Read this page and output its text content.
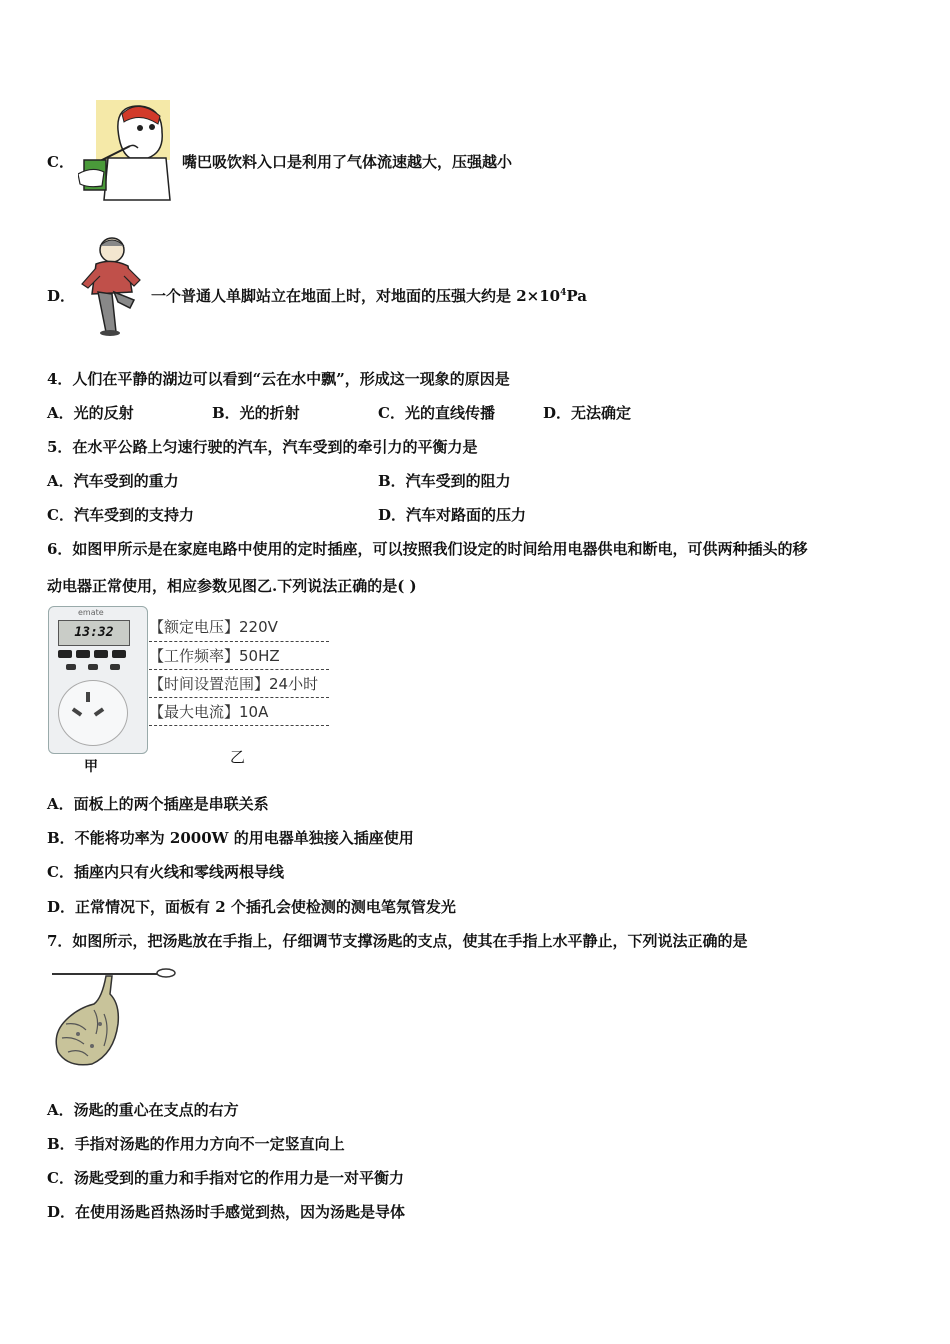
C．	嘴巴吸饮料入口是利用了气体流速越大，压强越小
D．	一个普通人单脚站立在地面上时，对地面的压强大约是 $2\times 10^4Pa$
4．人们在平静的湖边可以看到“云在水中飘”，形成这一现象的原因是
A．光的反射	B．光的折射	C．光的直线传播	D．无法确定
5．在水平公路上匀速行驶的汽车，汽车受到的牵引力的平衡力是
A．汽车受到的重力	B．汽车受到的阻力
C．汽车受到的支持力	D．汽车对路面的压力
6．如图甲所示是在家庭电路中使用的定时插座，可以按照我们设定的时间给用电器供电和断电，可供两种插头的移
动电器正常使用，相应参数见图乙.下列说法正确的是( )
emate
13:32
甲
【额定电压】220V
【工作频率】50HZ
【时间设置范围】24小时
【最大电流】10A
乙
A．面板上的两个插座是串联关系
B．不能将功率为 2000W 的用电器单独接入插座使用
C．插座内只有火线和零线两根导线
D．正常情况下，面板有 2 个插孔会使检测的测电笔氖管发光
7．如图所示，把汤匙放在手指上，仔细调节支撑汤匙的支点，使其在手指上水平静止，下列说法正确的是
A．汤匙的重心在支点的右方
B．手指对汤匙的作用力方向不一定竖直向上
C．汤匙受到的重力和手指对它的作用力是一对平衡力
D．在使用汤匙舀热汤时手感觉到热，因为汤匙是导体
